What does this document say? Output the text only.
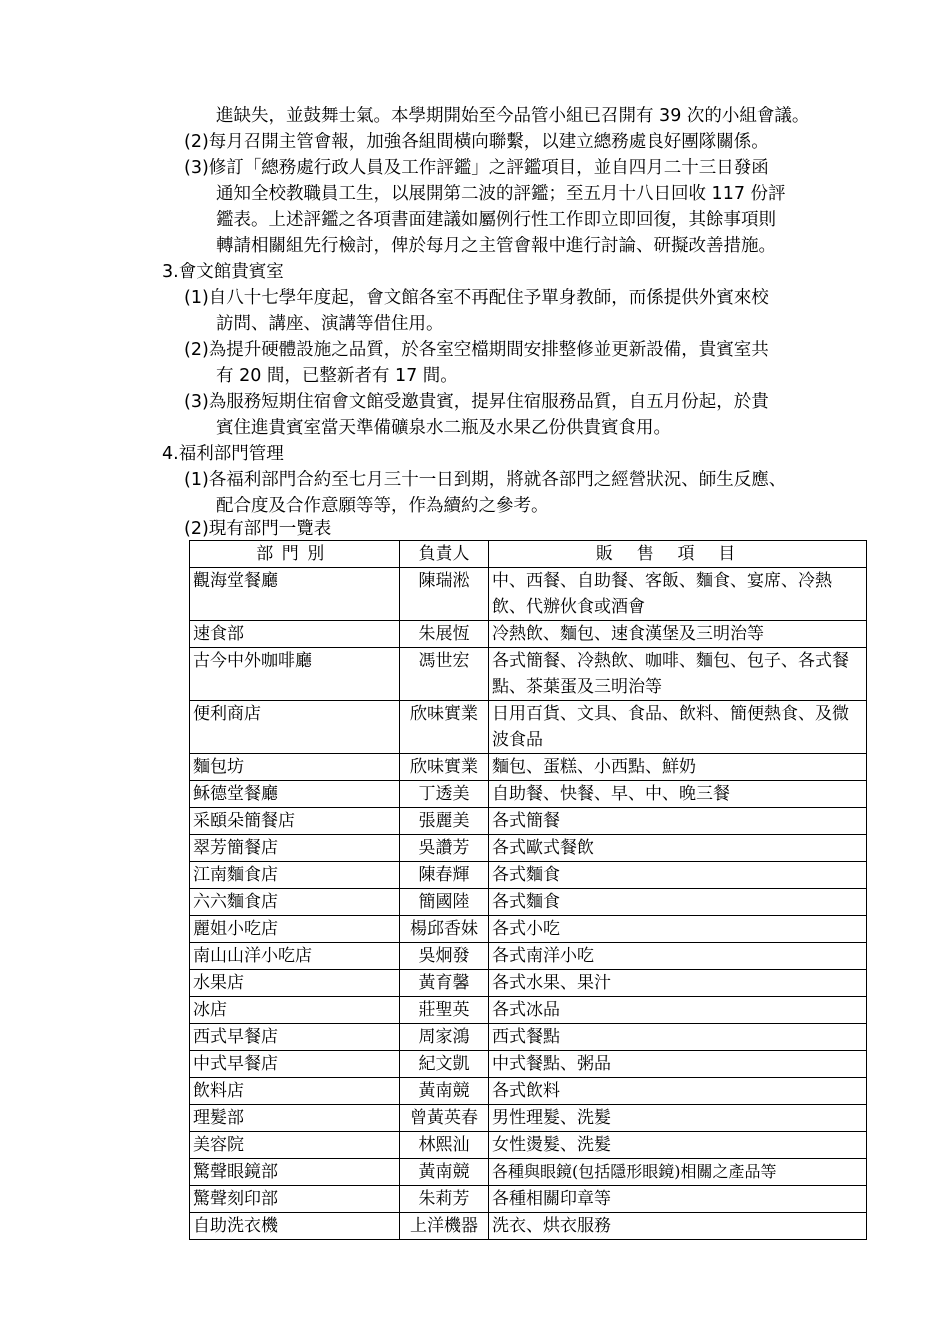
進缺失，並鼓舞士氣。本學期開始至今品管小組已召開有 39 次的小組會議。
(2)每月召開主管會報，加強各組間橫向聯繫，以建立總務處良好團隊關係。
(3)修訂「總務處行政人員及工作評鑑」之評鑑項目，並自四月二十三日發函
通知全校教職員工生，以展開第二波的評鑑；至五月十八日回收 117 份評
鑑表。上述評鑑之各項書面建議如屬例行性工作即立即回復，其餘事項則
轉請相關組先行檢討，俾於每月之主管會報中進行討論、研擬改善措施。
3.會文館貴賓室
(1)自八十七學年度起，會文館各室不再配住予單身教師，而係提供外賓來校
訪問、講座、演講等借住用。
(2)為提升硬體設施之品質，於各室空檔期間安排整修並更新設備，貴賓室共
有 20 間，已整新者有 17 間。
(3)為服務短期住宿會文館受邀貴賓，提昇住宿服務品質，自五月份起，於貴
賓住進貴賓室當天準備礦泉水二瓶及水果乙份供貴賓食用。
4.福利部門管理
(1)各福利部門合約至七月三十一日到期，將就各部門之經營狀況、師生反應、
配合度及合作意願等等，作為續約之參考。
(2)現有部門一覽表
部門別	負責人	販售項目
觀海堂餐廳	陳瑞淞	中、西餐、自助餐、客飯、麵食、宴席、冷熱飲、代辦伙食或酒會
速食部	朱展恆	冷熱飲、麵包、速食漢堡及三明治等
古今中外咖啡廳	馮世宏	各式簡餐、冷熱飲、咖啡、麵包、包子、各式餐點、茶葉蛋及三明治等
便利商店	欣味實業	日用百貨、文具、食品、飲料、簡便熱食、及微波食品
麵包坊	欣味實業	麵包、蛋糕、小西點、鮮奶
稣德堂餐廳	丁透美	自助餐、快餐、早、中、晚三餐
采頤朵簡餐店	張麗美	各式簡餐
翠芳簡餐店	吳讚芳	各式歐式餐飲
江南麵食店	陳春輝	各式麵食
六六麵食店	簡國陸	各式麵食
麗姐小吃店	楊邱香妹	各式小吃
南山山洋小吃店	吳炯發	各式南洋小吃
水果店	黃育馨	各式水果、果汁
冰店	莊聖英	各式冰品
西式早餐店	周家鴻	西式餐點
中式早餐店	紀文凱	中式餐點、粥品
飲料店	黃南競	各式飲料
理髮部	曾黃英春	男性理髮、洗髮
美容院	林熙汕	女性燙髮、洗髮
驚聲眼鏡部	黃南競	各種與眼鏡(包括隱形眼鏡)相關之產品等
驚聲刻印部	朱莉芳	各種相關印章等
自助洗衣機	上洋機器	洗衣、烘衣服務
